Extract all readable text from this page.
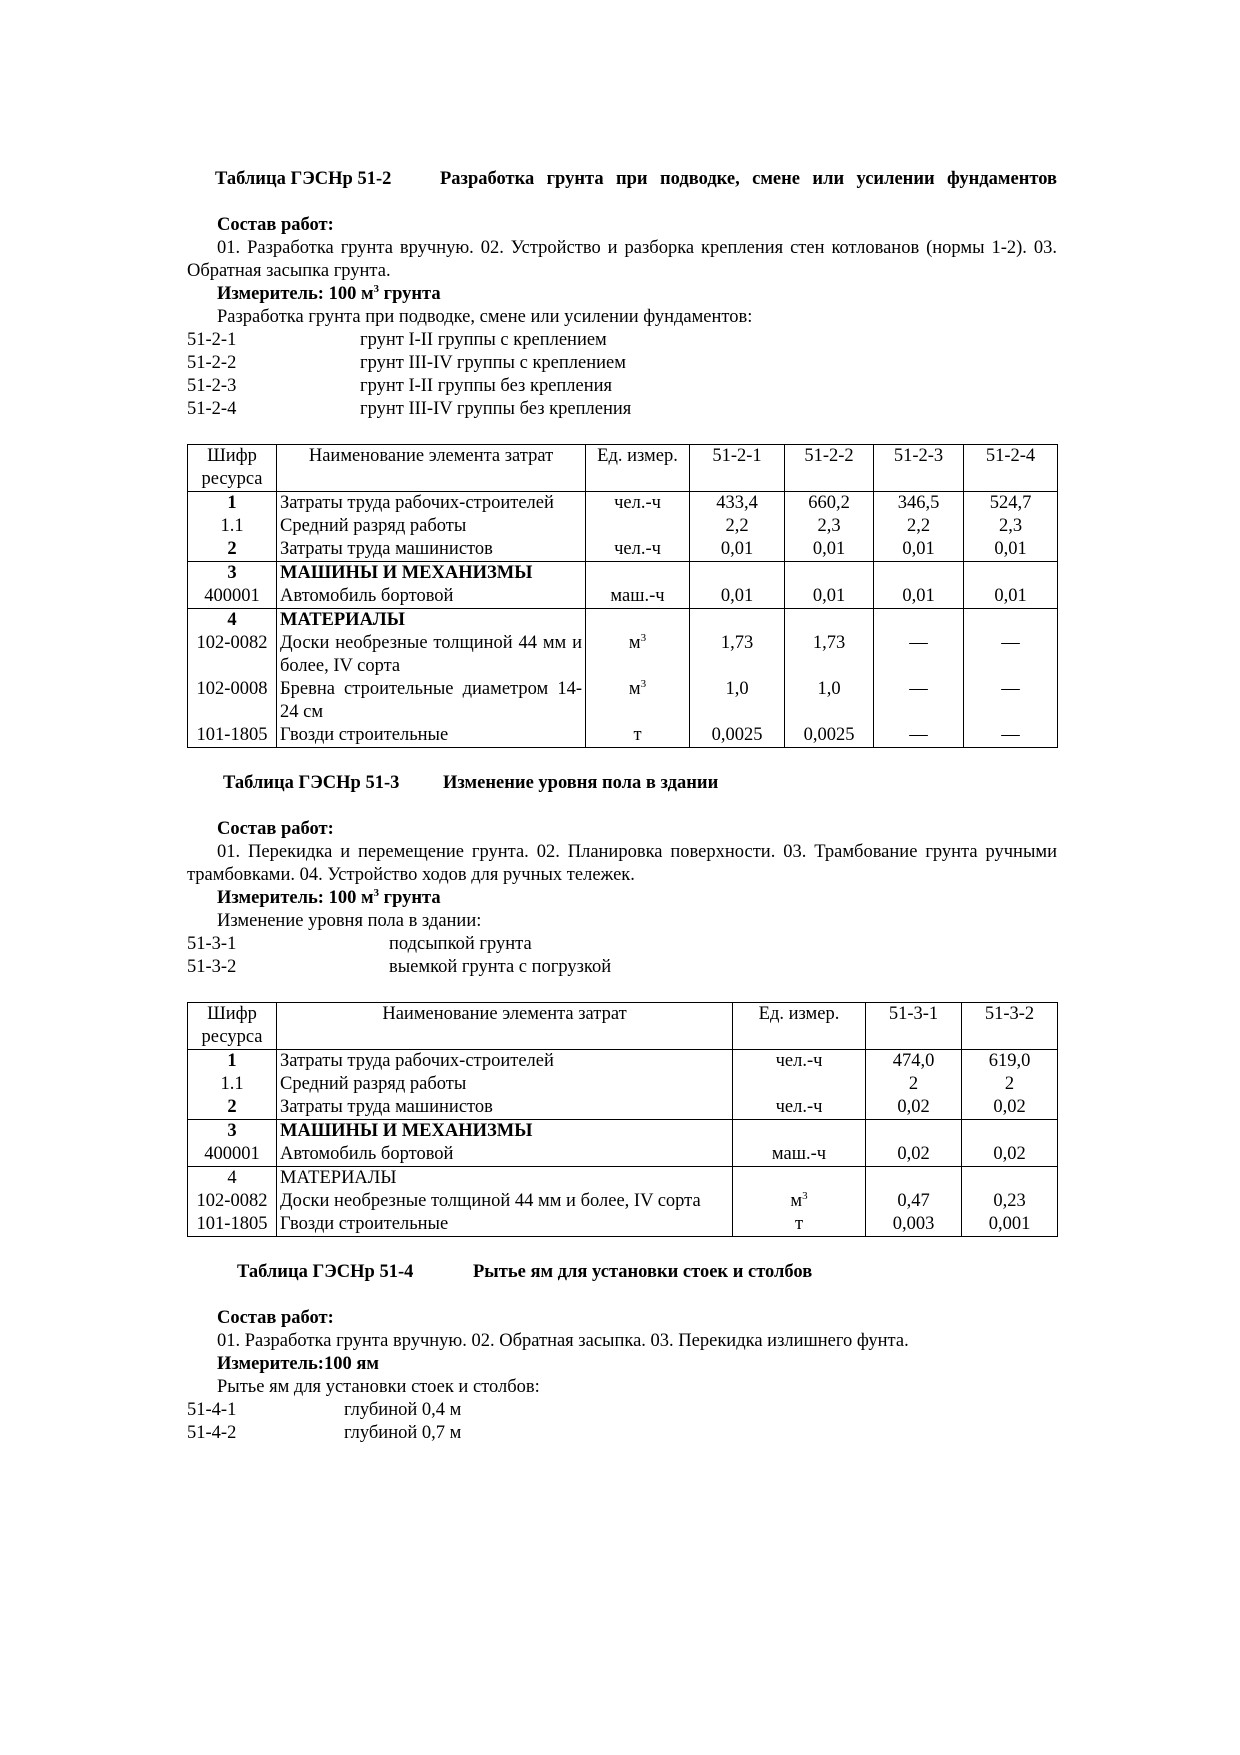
Таблица ГЭСНр 51-2	Разработка грунта при подводке, смене или усилении фундаментов
Состав работ:
01. Разработка грунта вручную. 02. Устройство и разборка крепления стен котлованов (нормы 1-2). 03. Обратная засыпка грунта.
Измеритель: 100 $м^3$ грунта
Разработка грунта при подводке, смене или усилении фундаментов:
51-2-1	грунт I-II группы с креплением
51-2-2	грунт III-IV группы с креплением
51-2-3	грунт I-II группы без крепления
51-2-4	грунт III-IV группы без крепления
Шифр ресурса	Наименование элемента затрат	Ед. измер.	51-2-1	51-2-2	51-2-3	51-2-4
1	Затраты труда рабочих-строителей	чел.-ч	433,4	660,2	346,5	524,7
1.1	Средний разряд работы		2,2	2,3	2,2	2,3
2	Затраты труда машинистов	чел.-ч	0,01	0,01	0,01	0,01
3	МАШИНЫ И МЕХАНИЗМЫ					
400001	Автомобиль бортовой	маш.-ч	0,01	0,01	0,01	0,01
4	МАТЕРИАЛЫ					
102-0082	Доски необрезные толщиной 44 мм и более, IV сорта	$м^3$	1,73	1,73	—	—
102-0008	Бревна строительные диаметром 14-24 см	$м^3$	1,0	1,0	—	—
101-1805	Гвозди строительные	т	0,0025	0,0025	—	—
Таблица ГЭСНр 51-3	Изменение уровня пола в здании
Состав работ:
01. Перекидка и перемещение грунта. 02. Планировка поверхности. 03. Трамбование грунта ручными трамбовками. 04. Устройство ходов для ручных тележек.
Измеритель: 100 $м^3$ грунта
Изменение уровня пола в здании:
51-3-1	подсыпкой грунта
51-3-2	выемкой грунта с погрузкой
Шифр ресурса	Наименование элемента затрат	Ед. измер.	51-3-1	51-3-2
1	Затраты труда рабочих-строителей	чел.-ч	474,0	619,0
1.1	Средний разряд работы		2	2
2	Затраты труда машинистов	чел.-ч	0,02	0,02
3	МАШИНЫ И МЕХАНИЗМЫ			
400001	Автомобиль бортовой	маш.-ч	0,02	0,02
4	МАТЕРИАЛЫ			
102-0082	Доски необрезные толщиной 44 мм и более, IV сорта	$м^3$	0,47	0,23
101-1805	Гвозди строительные	т	0,003	0,001
Таблица ГЭСНр 51-4	Рытье ям для установки стоек и столбов
Состав работ:
01. Разработка грунта вручную. 02. Обратная засыпка. 03. Перекидка излишнего фунта.
Измеритель:100 ям
Рытье ям для установки стоек и столбов:
51-4-1	глубиной 0,4 м
51-4-2	глубиной 0,7 м
